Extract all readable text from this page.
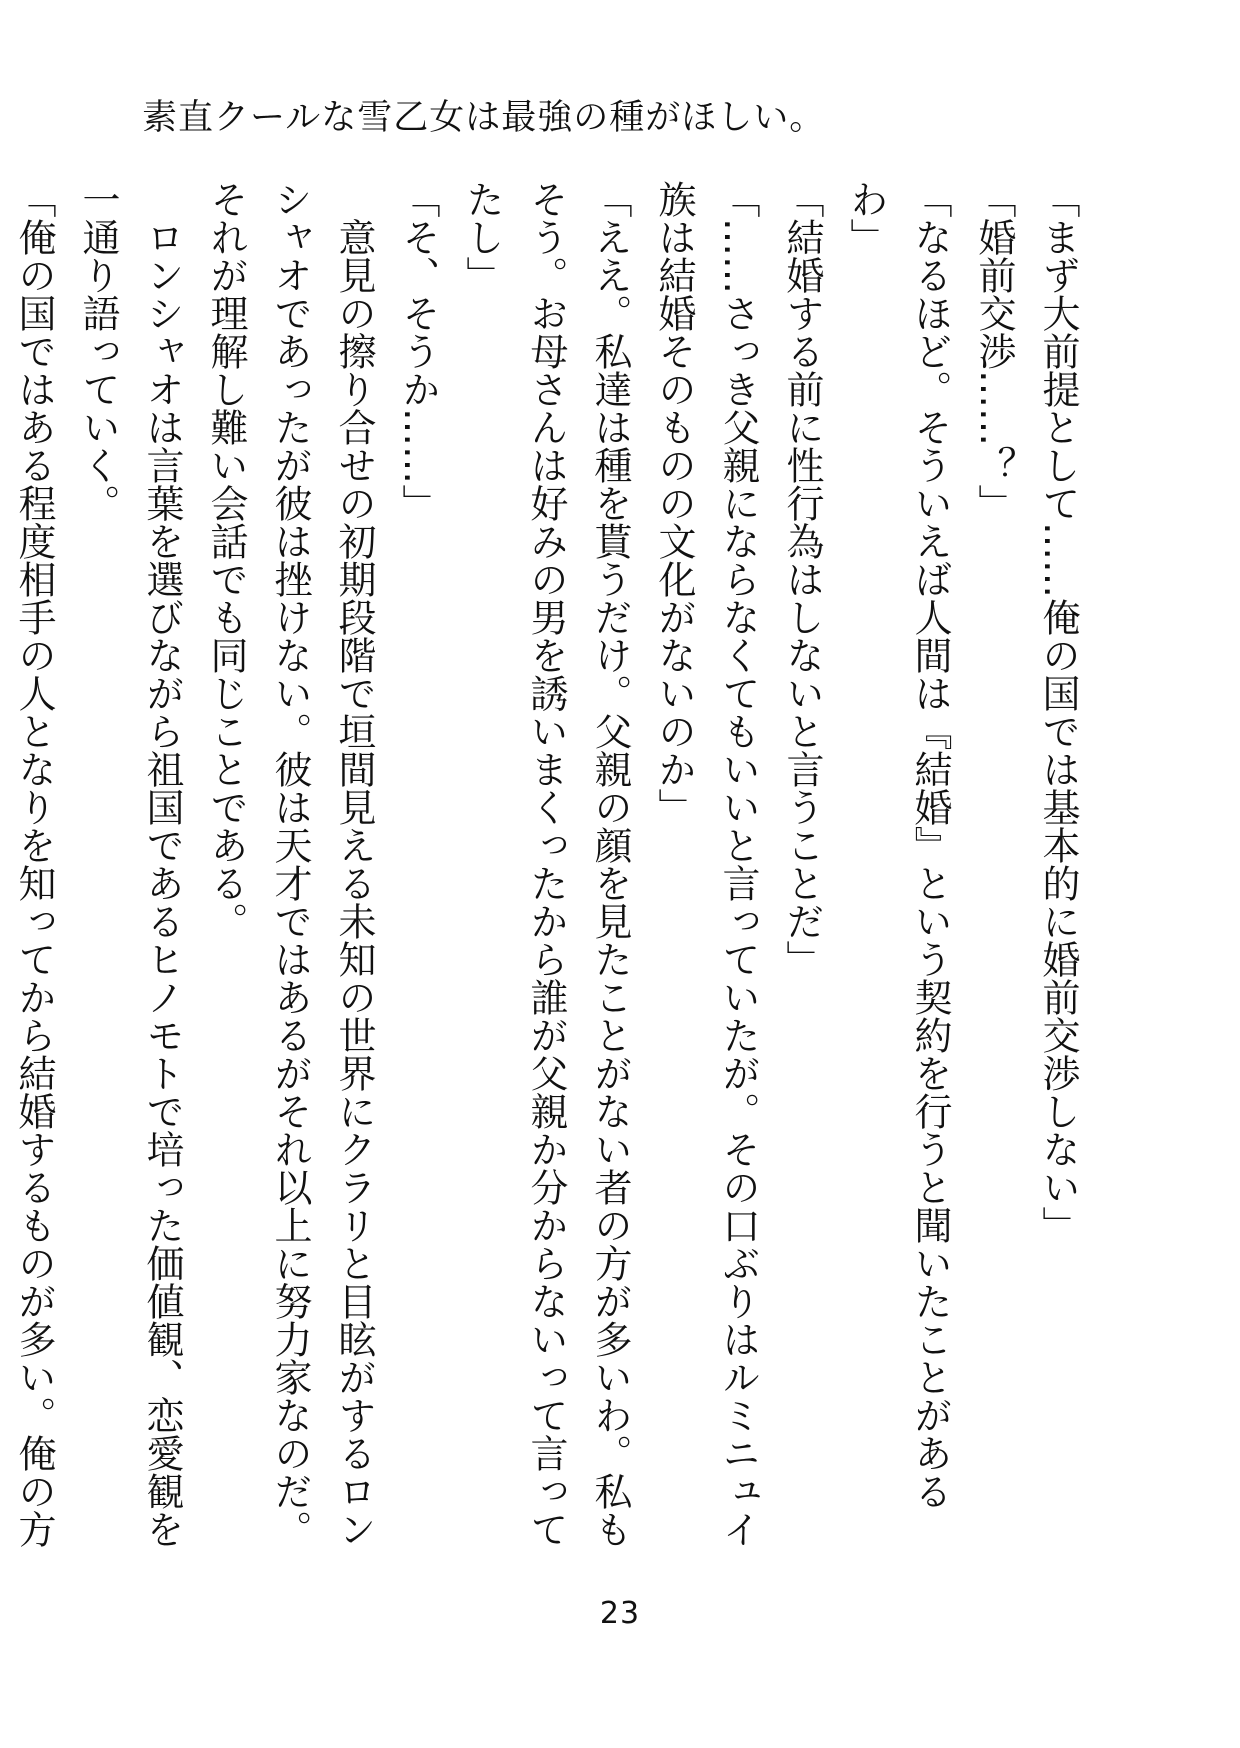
素直クールな雪乙女は最強の種がほしい。

「まず大前提として……俺の国では基本的に婚前交渉しない」

「婚前交渉……？」

「なるほど。そういえば人間は『結婚』という契約を行うと聞いたことがあるわ」

「結婚する前に性行為はしないと言うことだ」

「……さっき父親にならなくてもいいと言っていたが。その口ぶりはルミニュイ族は結婚そのものの文化がないのか」

「ええ。私達は種を貰うだけ。父親の顔を見たことがない者の方が多いわ。私もそう。お母さんは好みの男を誘いまくったから誰が父親か分からないって言ってたし」

「そ、そうか……」

意見の擦り合せの初期段階で垣間見える未知の世界にクラリと目眩がするロンシャオであったが彼は挫けない。彼は天才ではあるがそれ以上に努力家なのだ。それが理解し難い会話でも同じことである。

ロンシャオは言葉を選びながら祖国であるヒノモトで培った価値観、恋愛観を一通り語っていく。

「俺の国ではある程度相手の人となりを知ってから結婚するものが多い。俺の方

23
